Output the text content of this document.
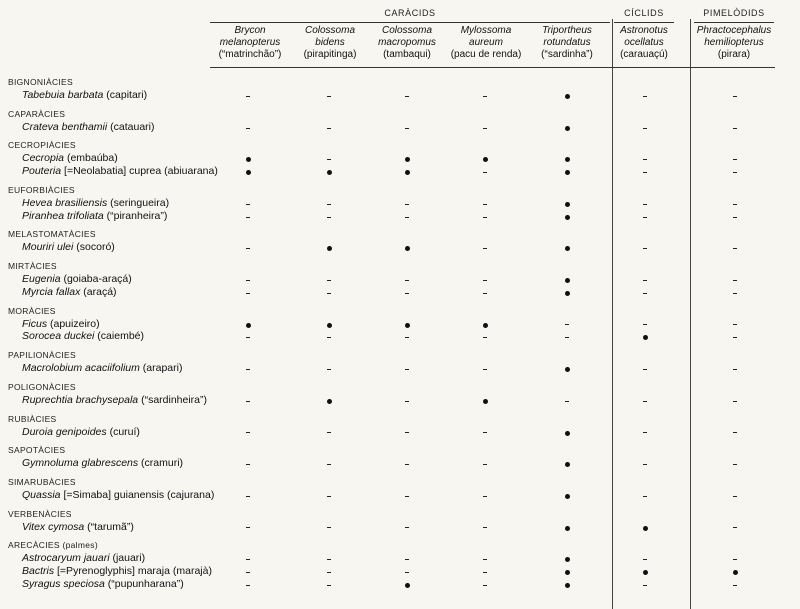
CARÀCIDS	CÍCLIDS	PIMELÒDIDS
Brycon melanopterus
(“matrinchão”)
Colossoma bidens
(pirapitinga)
Colossoma macropomus
(tambaqui)
Mylossoma aureum
(pacu de renda)
Triportheus rotundatus
(“sardinha”)
Astronotus ocellatus
(carauaçú)
Phractocephalus hemiliopterus
(pirara)
BIGNONIÀCIES
Tabebuia barbata (capitari)
CAPARÀCIES
Crateva benthamii (catauari)
CECROPIÀCIES
Cecropia (embaúba)
Pouteria [=Neolabatia] cuprea (abiuarana)
EUFORBIÀCIES
Hevea brasiliensis (seringueira)
Piranhea trifoliata (“piranheira”)
MELASTOMATÀCIES
Mouriri ulei (socoró)
MIRTÀCIES
Eugenia (goiaba-araçá)
Myrcia fallax (araçá)
MORÀCIES
Ficus (apuizeiro)
Sorocea duckei (caiembé)
PAPILIONÀCIES
Macrolobium acaciifolium (arapari)
POLIGONÀCIES
Ruprechtia brachysepala (“sardinheira”)
RUBIÀCIES
Duroia genipoides (curuí)
SAPOTÀCIES
Gymnoluma glabrescens (cramuri)
SIMARUBÀCIES
Quassia [=Simaba] guianensis (cajurana)
VERBENÀCIES
Vitex cymosa (“tarumã”)
ARECÀCIES (palmes)
Astrocaryum jauari (jauari)
Bactris [=Pyrenoglyphis] maraja (marajà)
Syragus speciosa (“pupunharana”)
